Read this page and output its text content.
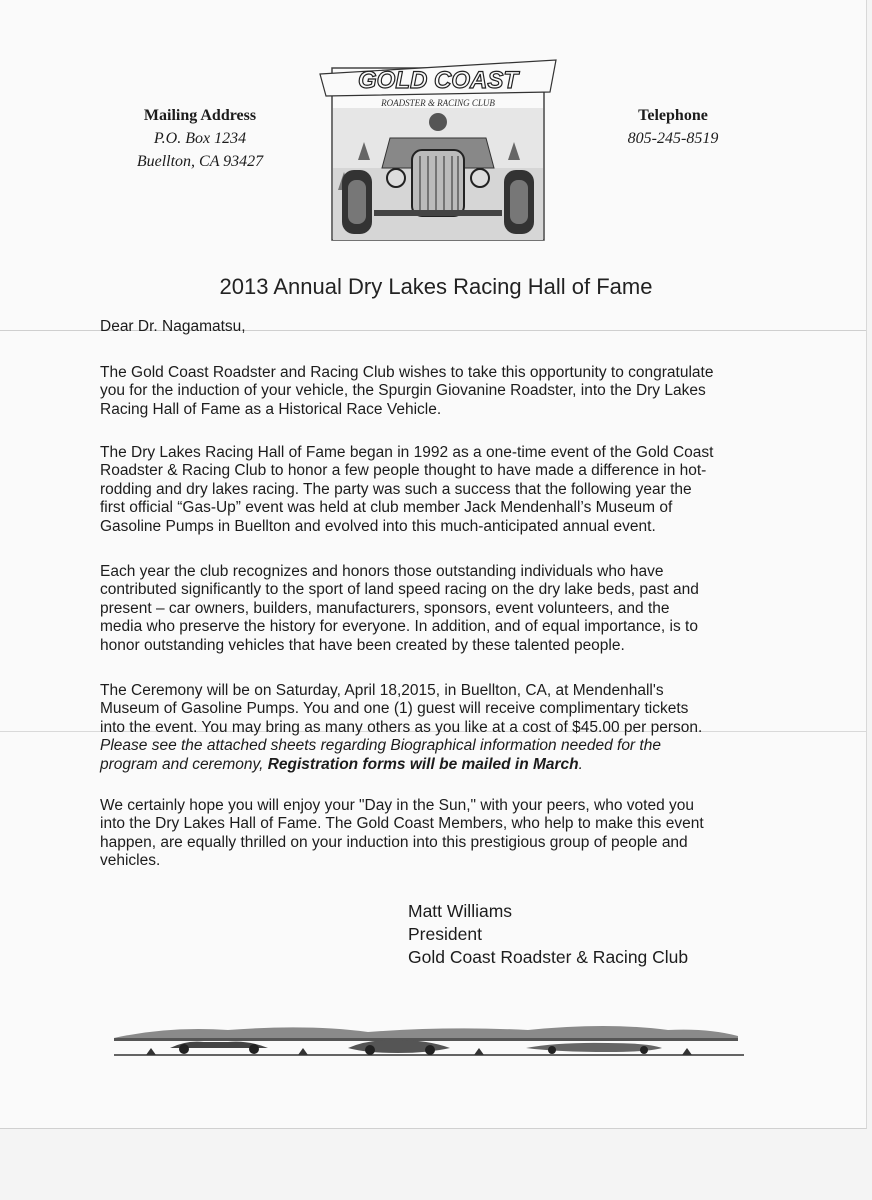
Mailing Address
P.O. Box 1234
Buellton, CA 93427
GOLD COAST
ROADSTER & RACING CLUB
Telephone
805-245-8519
2013 Annual Dry Lakes Racing Hall of Fame
Dear Dr. Nagamatsu,

The Gold Coast Roadster and Racing Club wishes to take this opportunity to congratulate
you for the induction of your vehicle, the Spurgin Giovanine Roadster, into the Dry Lakes
Racing Hall of Fame as a Historical Race Vehicle.

The Dry Lakes Racing Hall of Fame began in 1992 as a one-time event of the Gold Coast
Roadster & Racing Club to honor a few people thought to have made a difference in hot-
rodding and dry lakes racing. The party was such a success that the following year the
first official “Gas-Up” event was held at club member Jack Mendenhall’s Museum of
Gasoline Pumps in Buellton and evolved into this much-anticipated annual event.

Each year the club recognizes and honors those outstanding individuals who have
contributed significantly to the sport of land speed racing on the dry lake beds, past and
present – car owners, builders, manufacturers, sponsors, event volunteers, and the
media who preserve the history for everyone. In addition, and of equal importance, is to
honor outstanding vehicles that have been created by these talented people.

The Ceremony will be on Saturday, April 18,2015, in Buellton, CA, at Mendenhall's
Museum of Gasoline Pumps. You and one (1) guest will receive complimentary tickets
into the event. You may bring as many others as you like at a cost of $45.00 per person.
Please see the attached sheets regarding Biographical information needed for the
program and ceremony, Registration forms will be mailed in March.

We certainly hope you will enjoy your "Day in the Sun," with your peers, who voted you
into the Dry Lakes Hall of Fame. The Gold Coast Members, who help to make this event
happen, are equally thrilled on your induction into this prestigious group of people and
vehicles.

Matt Williams
President
Gold Coast Roadster & Racing Club
